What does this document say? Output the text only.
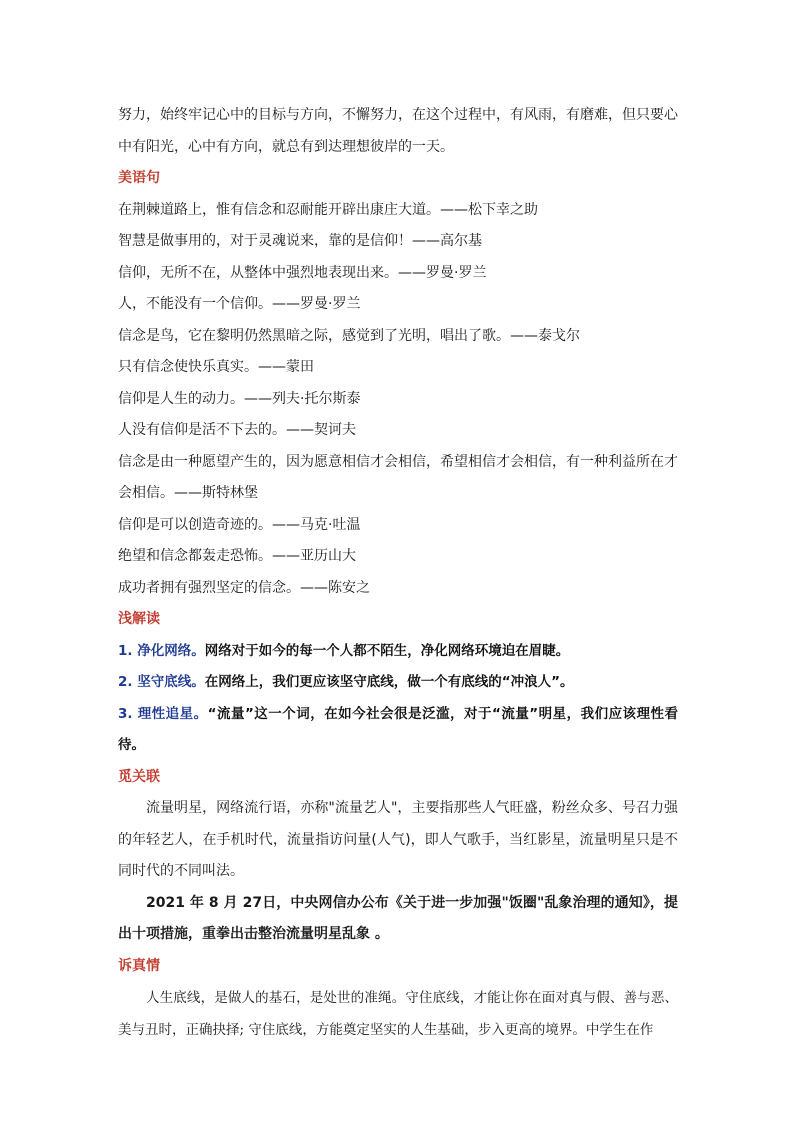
努力，始终牢记心中的目标与方向，不懈努力，在这个过程中，有风雨，有磨难，但只要心中有阳光，心中有方向，就总有到达理想彼岸的一天。
美语句
在荆棘道路上，惟有信念和忍耐能开辟出康庄大道。——松下幸之助
智慧是做事用的，对于灵魂说来，靠的是信仰！——高尔基
信仰，无所不在，从整体中强烈地表现出来。——罗曼·罗兰
人，不能没有一个信仰。——罗曼·罗兰
信念是鸟，它在黎明仍然黑暗之际，感觉到了光明，唱出了歌。——泰戈尔
只有信念使快乐真实。——蒙田
信仰是人生的动力。——列夫·托尔斯泰
人没有信仰是活不下去的。——契诃夫
信念是由一种愿望产生的，因为愿意相信才会相信，希望相信才会相信，有一种利益所在才会相信。——斯特林堡
信仰是可以创造奇迹的。——马克·吐温
绝望和信念都轰走恐怖。——亚历山大
成功者拥有强烈坚定的信念。——陈安之
浅解读
1. 净化网络。网络对于如今的每一个人都不陌生，净化网络环境迫在眉睫。
2. 坚守底线。在网络上，我们更应该坚守底线，做一个有底线的“冲浪人”。
3. 理性追星。“流量”这一个词，在如今社会很是泛滥，对于“流量”明星，我们应该理性看待。
觅关联
流量明星，网络流行语，亦称"流量艺人"，主要指那些人气旺盛，粉丝众多、号召力强的年轻艺人，在手机时代，流量指访问量(人气)，即人气歌手，当红影星，流量明星只是不同时代的不同叫法。
2021 年 8 月 27日，中央网信办公布《关于进一步加强"饭圈"乱象治理的通知》，提出十项措施，重拳出击整治流量明星乱象 。
诉真情
人生底线，是做人的基石，是处世的准绳。守住底线，才能让你在面对真与假、善与恶、美与丑时，正确抉择; 守住底线，方能奠定坚实的人生基础，步入更高的境界。中学生在作
